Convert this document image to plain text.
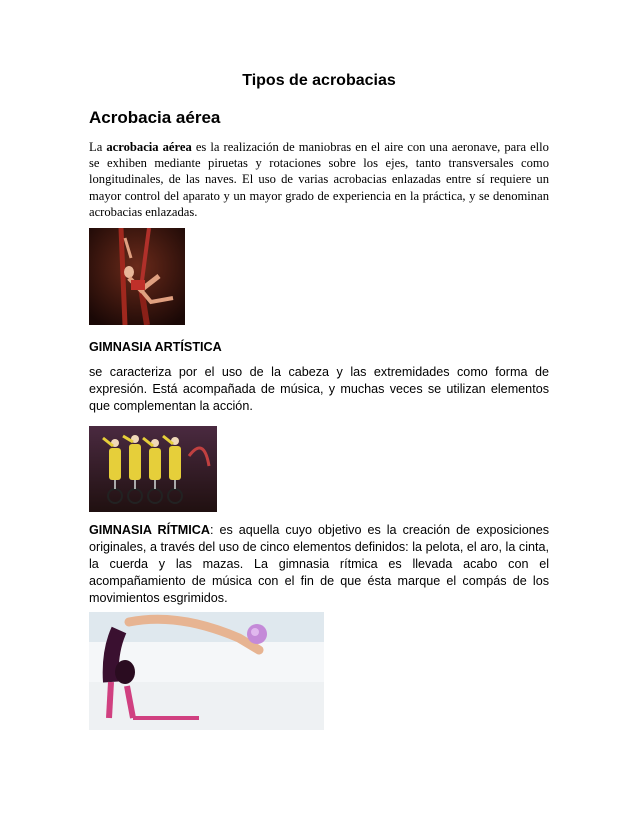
Tipos de acrobacias
Acrobacia aérea
La acrobacia aérea es la realización de maniobras en el aire con una aeronave, para ello se exhiben mediante piruetas y rotaciones sobre los ejes, tanto transversales como longitudinales, de las naves. El uso de varias acrobacias enlazadas entre sí requiere un mayor control del aparato y un mayor grado de experiencia en la práctica, y se denominan acrobacias enlazadas.
GIMNASIA ARTÍSTICA
se caracteriza por el uso de la cabeza y las extremidades como forma de expresión. Está acompañada de música, y muchas veces se utilizan elementos que complementan la acción.
GIMNASIA RÍTMICA: es aquella cuyo objetivo es la creación de exposiciones originales, a través del uso de cinco elementos definidos: la pelota, el aro, la cinta, la cuerda y las mazas. La gimnasia rítmica es llevada acabo con el acompañamiento de música con el fin de que ésta marque el compás de los movimientos esgrimidos.
